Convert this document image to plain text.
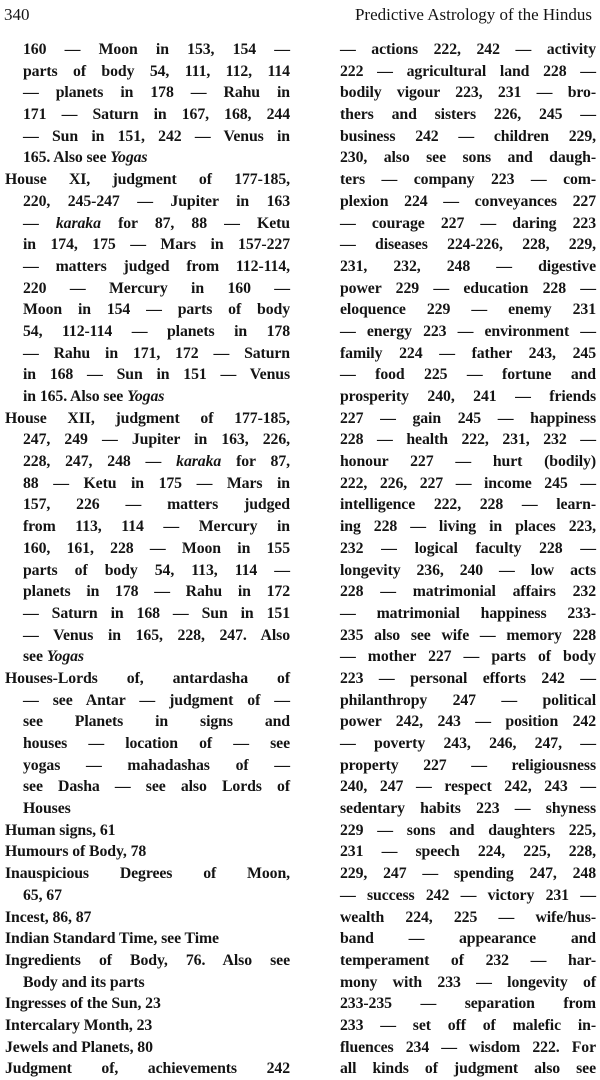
340	Predictive Astrology of the Hindus
160 — Moon in 153, 154 —
parts of body 54, 111, 112, 114
— planets in 178 — Rahu in
171 — Saturn in 167, 168, 244
— Sun in 151, 242 — Venus in
165. Also see Yogas
House XI, judgment of 177-185,
220, 245-247 — Jupiter in 163
— karaka for 87, 88 — Ketu
in 174, 175 — Mars in 157-227
— matters judged from 112-114,
220 — Mercury in 160 —
Moon in 154 — parts of body
54, 112-114 — planets in 178
— Rahu in 171, 172 — Saturn
in 168 — Sun in 151 — Venus
in 165. Also see Yogas
House XII, judgment of 177-185,
247, 249 — Jupiter in 163, 226,
228, 247, 248 — karaka for 87,
88 — Ketu in 175 — Mars in
157, 226 — matters judged
from 113, 114 — Mercury in
160, 161, 228 — Moon in 155
parts of body 54, 113, 114 —
planets in 178 — Rahu in 172
— Saturn in 168 — Sun in 151
— Venus in 165, 228, 247. Also
see Yogas
Houses-Lords of, antardasha of
— see Antar — judgment of —
see Planets in signs and
houses — location of — see
yogas — mahadashas of —
see Dasha — see also Lords of
Houses
Human signs, 61
Humours of Body, 78
Inauspicious Degrees of Moon,
65, 67
Incest, 86, 87
Indian Standard Time, see Time
Ingredients of Body, 76. Also see
Body and its parts
Ingresses of the Sun, 23
Intercalary Month, 23
Jewels and Planets, 80
Judgment of, achievements 242
— actions 222, 242 — activity
222 — agricultural land 228 —
bodily vigour 223, 231 — bro-
thers and sisters 226, 245 —
business 242 — children 229,
230, also see sons and daugh-
ters — company 223 — com-
plexion 224 — conveyances 227
— courage 227 — daring 223
— diseases 224-226, 228, 229,
231, 232, 248 — digestive
power 229 — education 228 —
eloquence 229 — enemy 231
— energy 223 — environment —
family 224 — father 243, 245
— food 225 — fortune and
prosperity 240, 241 — friends
227 — gain 245 — happiness
228 — health 222, 231, 232 —
honour 227 — hurt (bodily)
222, 226, 227 — income 245 —
intelligence 222, 228 — learn-
ing 228 — living in places 223,
232 — logical faculty 228 —
longevity 236, 240 — low acts
228 — matrimonial affairs 232
— matrimonial happiness 233-
235 also see wife — memory 228
— mother 227 — parts of body
223 — personal efforts 242 —
philanthropy 247 — political
power 242, 243 — position 242
— poverty 243, 246, 247, —
property 227 — religiousness
240, 247 — respect 242, 243 —
sedentary habits 223 — shyness
229 — sons and daughters 225,
231 — speech 224, 225, 228,
229, 247 — spending 247, 248
— success 242 — victory 231 —
wealth 224, 225 — wife/hus-
band — appearance and
temperament of 232 — har-
mony with 233 — longevity of
233-235 — separation from
233 — set off of malefic in-
fluences 234 — wisdom 222. For
all kinds of judgment also see
